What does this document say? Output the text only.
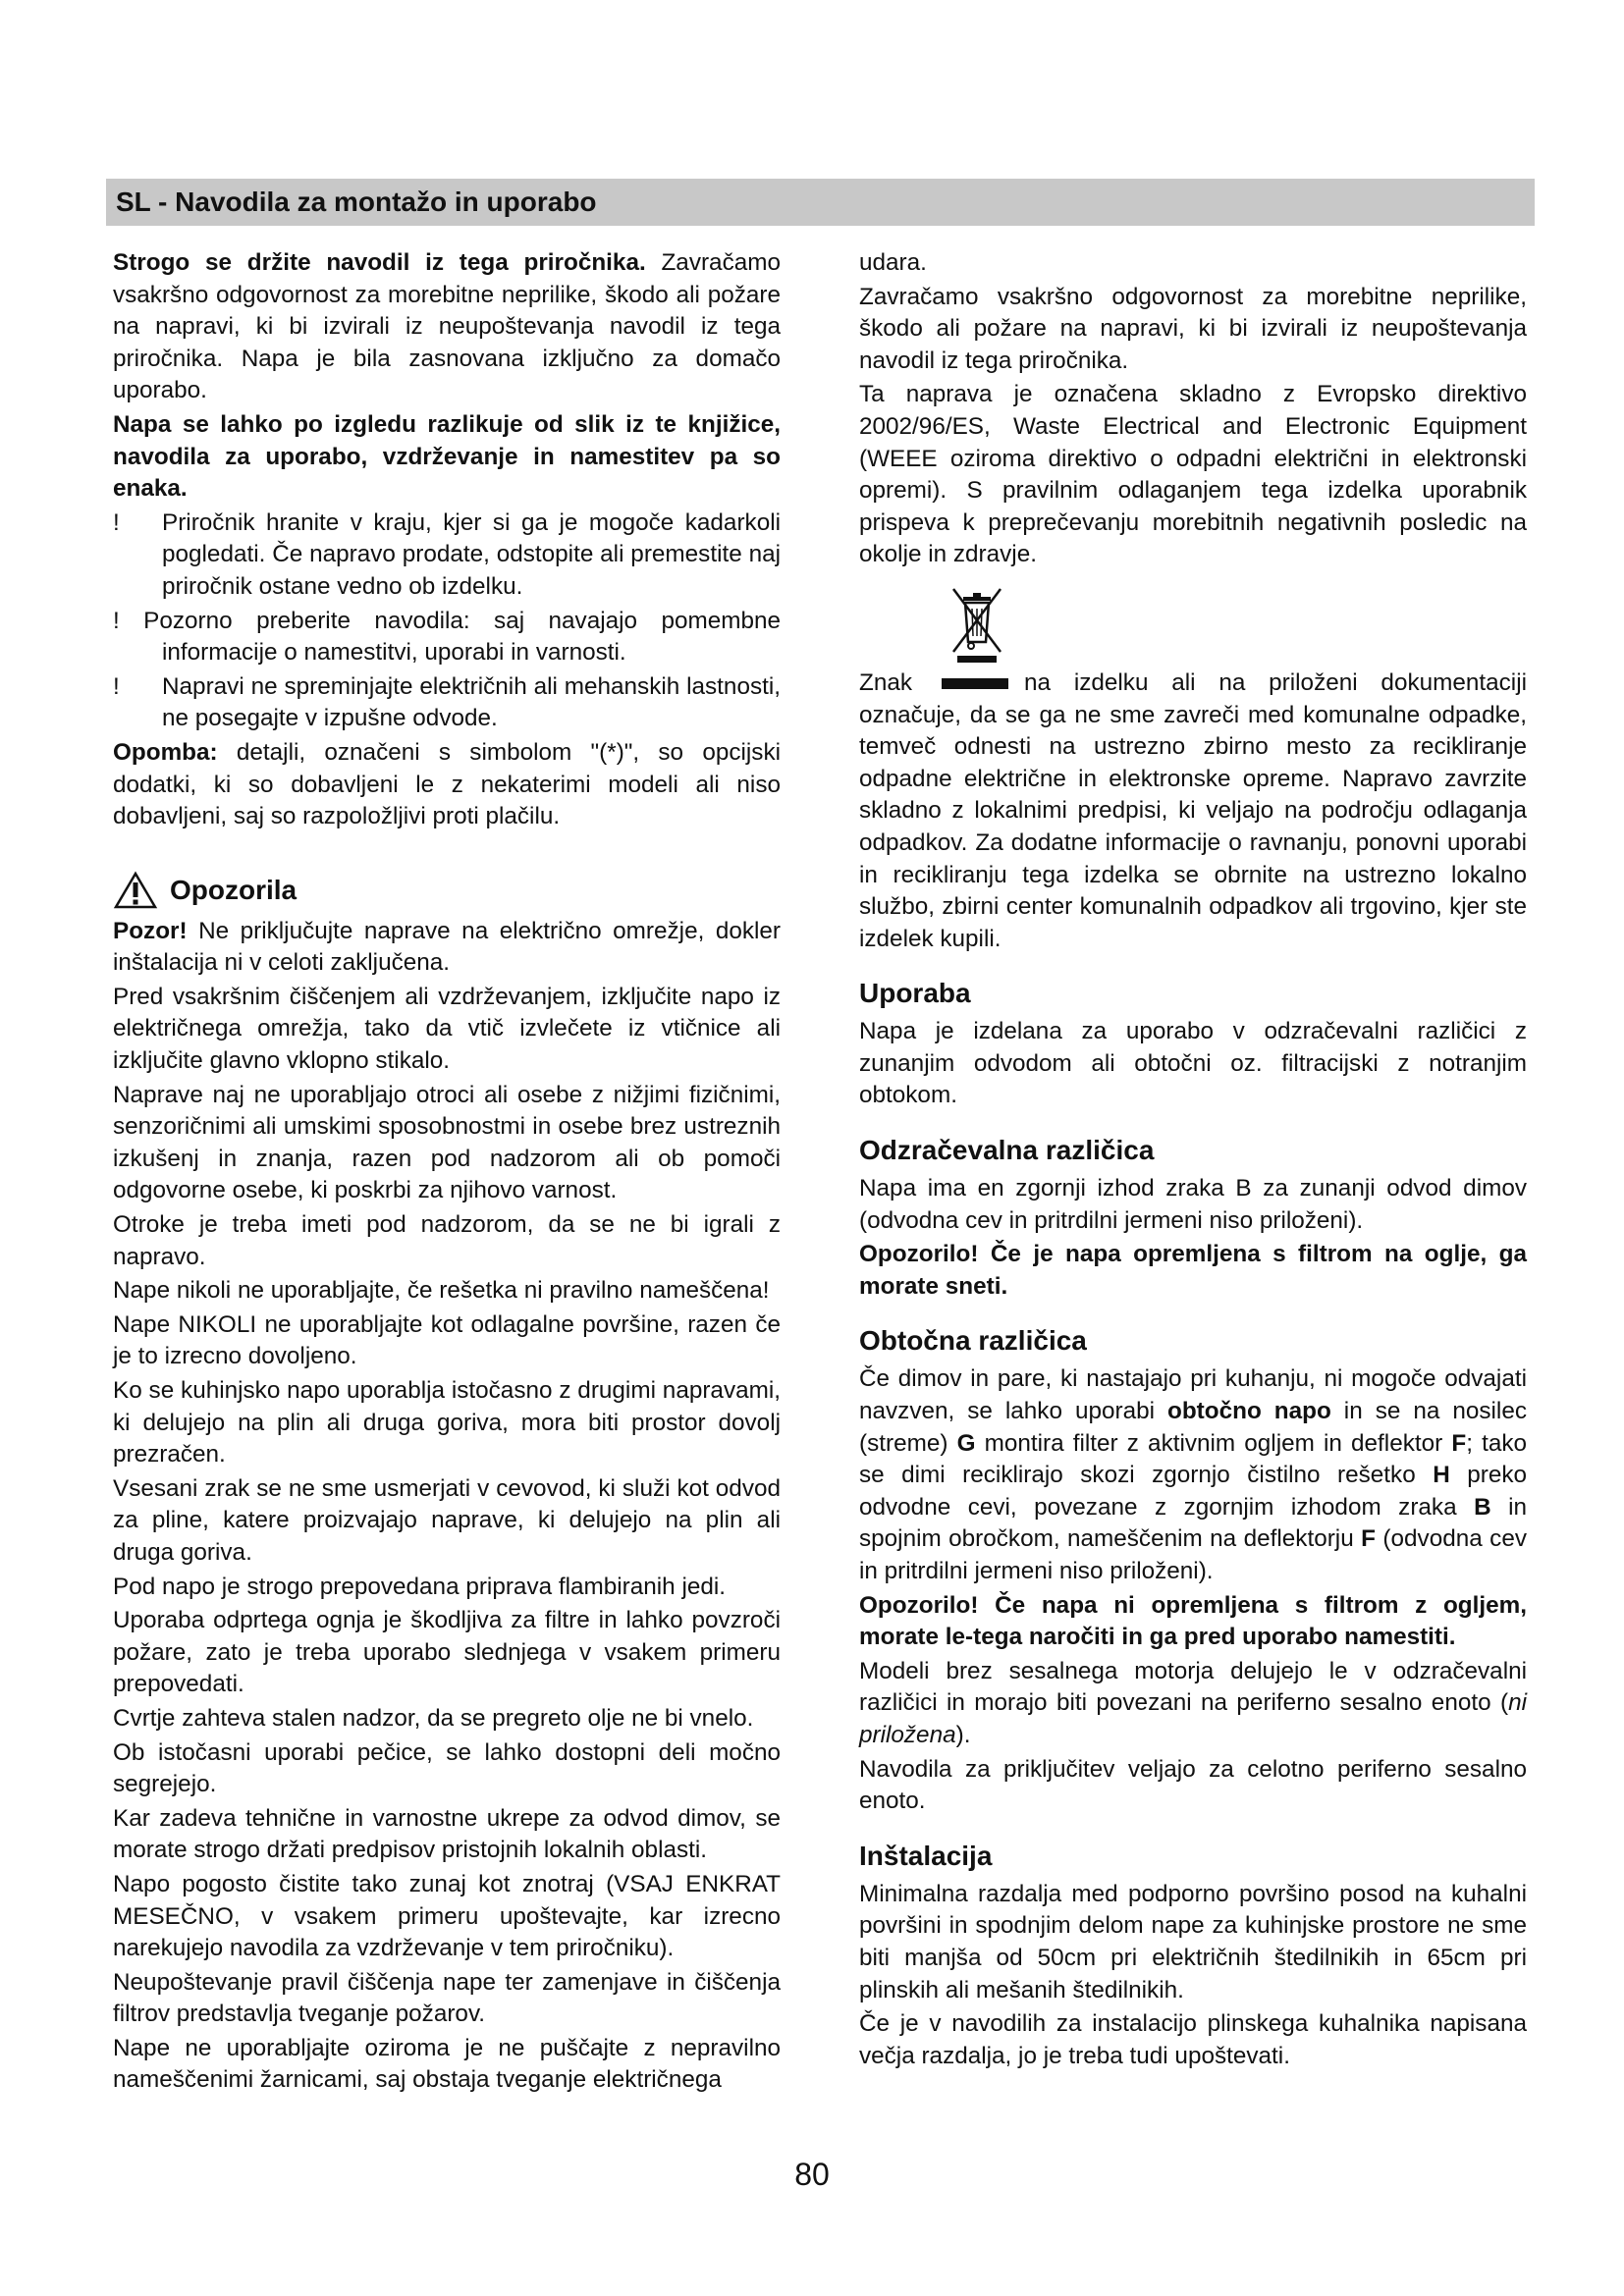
SL - Navodila za montažo in uporabo

Strogo se držite navodil iz tega priročnika. Zavračamo vsakršno odgovornost za morebitne neprilike, škodo ali požare na napravi, ki bi izvirali iz neupoštevanja navodil iz tega priročnika. Napa je bila zasnovana izključno za domačo uporabo.

Napa se lahko po izgledu razlikuje od slik iz te knjižice, navodila za uporabo, vzdrževanje in namestitev pa so enaka.

! Priročnik hranite v kraju, kjer si ga je mogoče kadarkoli pogledati. Če napravo prodate, odstopite ali premestite naj priročnik ostane vedno ob izdelku.

! Pozorno preberite navodila: saj navajajo pomembne informacije o namestitvi, uporabi in varnosti.

! Napravi ne spreminjajte električnih ali mehanskih lastnosti, ne posegajte v izpušne odvode.

Opomba: detajli, označeni s simbolom "(*)", so opcijski dodatki, ki so dobavljeni le z nekaterimi modeli ali niso dobavljeni, saj so razpoložljivi proti plačilu.

Opozorila

Pozor! Ne priključujte naprave na električno omrežje, dokler inštalacija ni v celoti zaključena.

Pred vsakršnim čiščenjem ali vzdrževanjem, izključite napo iz električnega omrežja, tako da vtič izvlečete iz vtičnice ali izključite glavno vklopno stikalo.

Naprave naj ne uporabljajo otroci ali osebe z nižjimi fizičnimi, senzoričnimi ali umskimi sposobnostmi in osebe brez ustreznih izkušenj in znanja, razen pod nadzorom ali ob pomoči odgovorne osebe, ki poskrbi za njihovo varnost.

Otroke je treba imeti pod nadzorom, da se ne bi igrali z napravo.

Nape nikoli ne uporabljajte, če rešetka ni pravilno nameščena!

Nape NIKOLI ne uporabljajte kot odlagalne površine, razen če je to izrecno dovoljeno.

Ko se kuhinjsko napo uporablja istočasno z drugimi napravami, ki delujejo na plin ali druga goriva, mora biti prostor dovolj prezračen.

Vsesani zrak se ne sme usmerjati v cevovod, ki služi kot odvod za pline, katere proizvajajo naprave, ki delujejo na plin ali druga goriva.

Pod napo je strogo prepovedana priprava flambiranih jedi.

Uporaba odprtega ognja je škodljiva za filtre in lahko povzroči požare, zato je treba uporabo slednjega v vsakem primeru prepovedati.

Cvrtje zahteva stalen nadzor, da se pregreto olje ne bi vnelo.

Ob istočasni uporabi pečice, se lahko dostopni deli močno segrejejo.

Kar zadeva tehnične in varnostne ukrepe za odvod dimov, se morate strogo držati predpisov pristojnih lokalnih oblasti.

Napo pogosto čistite tako zunaj kot znotraj (VSAJ ENKRAT MESEČNO, v vsakem primeru upoštevajte, kar izrecno narekujejo navodila za vzdrževanje v tem priročniku).

Neupoštevanje pravil čiščenja nape ter zamenjave in čiščenja filtrov predstavlja tveganje požarov.

Nape ne uporabljajte oziroma je ne puščajte z nepravilno nameščenimi žarnicami, saj obstaja tveganje električnega

udara.

Zavračamo vsakršno odgovornost za morebitne neprilike, škodo ali požare na napravi, ki bi izvirali iz neupoštevanja navodil iz tega priročnika.

Ta naprava je označena skladno z Evropsko direktivo 2002/96/ES, Waste Electrical and Electronic Equipment (WEEE oziroma direktivo o odpadni električni in elektronski opremi). S pravilnim odlaganjem tega izdelka uporabnik prispeva k preprečevanju morebitnih negativnih posledic na okolje in zdravje.

Znak	na izdelku ali na priloženi dokumentaciji označuje, da se ga ne sme zavreči med komunalne odpadke, temveč odnesti na ustrezno zbirno mesto za recikliranje odpadne električne in elektronske opreme. Napravo zavrzite skladno z lokalnimi predpisi, ki veljajo na področju odlaganja odpadkov. Za dodatne informacije o ravnanju, ponovni uporabi in recikliranju tega izdelka se obrnite na ustrezno lokalno službo, zbirni center komunalnih odpadkov ali trgovino, kjer ste izdelek kupili.

Uporaba

Napa je izdelana za uporabo v odzračevalni različici z zunanjim odvodom ali obtočni oz. filtracijski z notranjim obtokom.

Odzračevalna različica

Napa ima en zgornji izhod zraka B za zunanji odvod dimov (odvodna cev in pritrdilni jermeni niso priloženi).

Opozorilo! Če je napa opremljena s filtrom na oglje, ga morate sneti.

Obtočna različica

Če dimov in pare, ki nastajajo pri kuhanju, ni mogoče odvajati navzven, se lahko uporabi obtočno napo in se na nosilec (streme) G montira filter z aktivnim ogljem in deflektor F; tako se dimi reciklirajo skozi zgornjo čistilno rešetko H preko odvodne cevi, povezane z zgornjim izhodom zraka B in spojnim obročkom, nameščenim na deflektorju F (odvodna cev in pritrdilni jermeni niso priloženi).

Opozorilo! Če napa ni opremljena s filtrom z ogljem, morate le-tega naročiti in ga pred uporabo namestiti.

Modeli brez sesalnega motorja delujejo le v odzračevalni različici in morajo biti povezani na periferno sesalno enoto (ni priložena).

Navodila za priključitev veljajo za celotno periferno sesalno enoto.

Inštalacija

Minimalna razdalja med podporno površino posod na kuhalni površini in spodnjim delom nape za kuhinjske prostore ne sme biti manjša od 50cm pri električnih štedilnikih in 65cm pri plinskih ali mešanih štedilnikih.

Če je v navodilih za instalacijo plinskega kuhalnika napisana večja razdalja, jo je treba tudi upoštevati.

80
